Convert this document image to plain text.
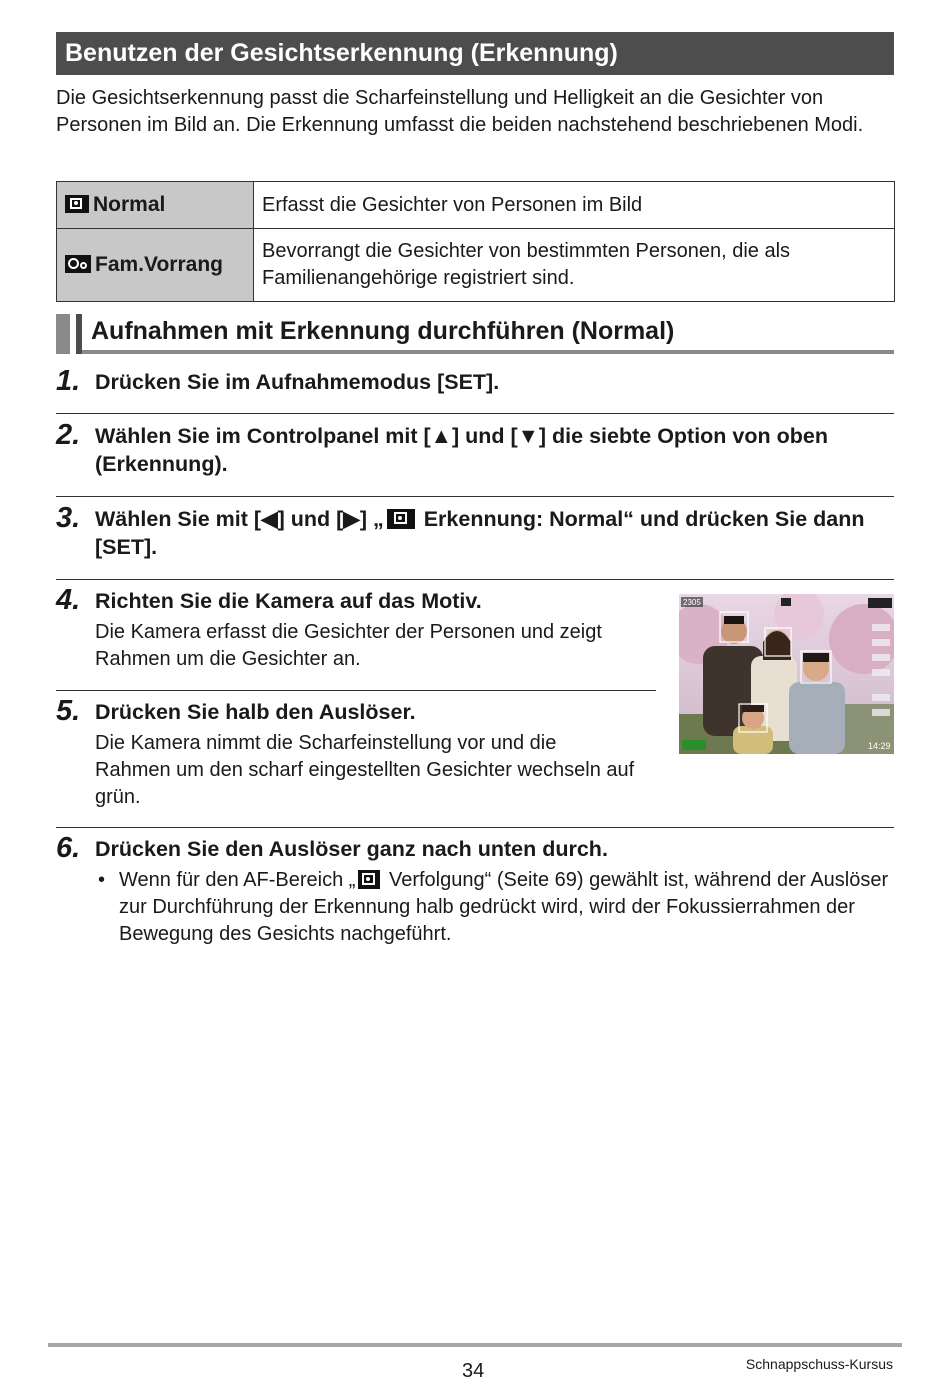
Benutzen der Gesichtserkennung (Erkennung)
Die Gesichtserkennung passt die Scharfeinstellung und Helligkeit an die Gesichter von Personen im Bild an. Die Erkennung umfasst die beiden nachstehend beschriebenen Modi.
Normal	Erfasst die Gesichter von Personen im Bild
Fam.Vorrang	Bevorrangt die Gesichter von bestimmten Personen, die als Familienangehörige registriert sind.
Aufnahmen mit Erkennung durchführen (Normal)
1. Drücken Sie im Aufnahmemodus [SET].
2. Wählen Sie im Controlpanel mit [▲] und [▼] die siebte Option von oben (Erkennung).
3. Wählen Sie mit [◀] und [▶] „ Erkennung: Normal“ und drücken Sie dann [SET].
4. Richten Sie die Kamera auf das Motiv.
Die Kamera erfasst die Gesichter der Personen und zeigt Rahmen um die Gesichter an.
2305
14:29
5. Drücken Sie halb den Auslöser.
Die Kamera nimmt die Scharfeinstellung vor und die Rahmen um den scharf eingestellten Gesichter wechseln auf grün.
6. Drücken Sie den Auslöser ganz nach unten durch.
• Wenn für den AF-Bereich „ Verfolgung“ (Seite 69) gewählt ist, während der Auslöser zur Durchführung der Erkennung halb gedrückt wird, wird der Fokussierrahmen der Bewegung des Gesichts nachgeführt.
34	Schnappschuss-Kursus
